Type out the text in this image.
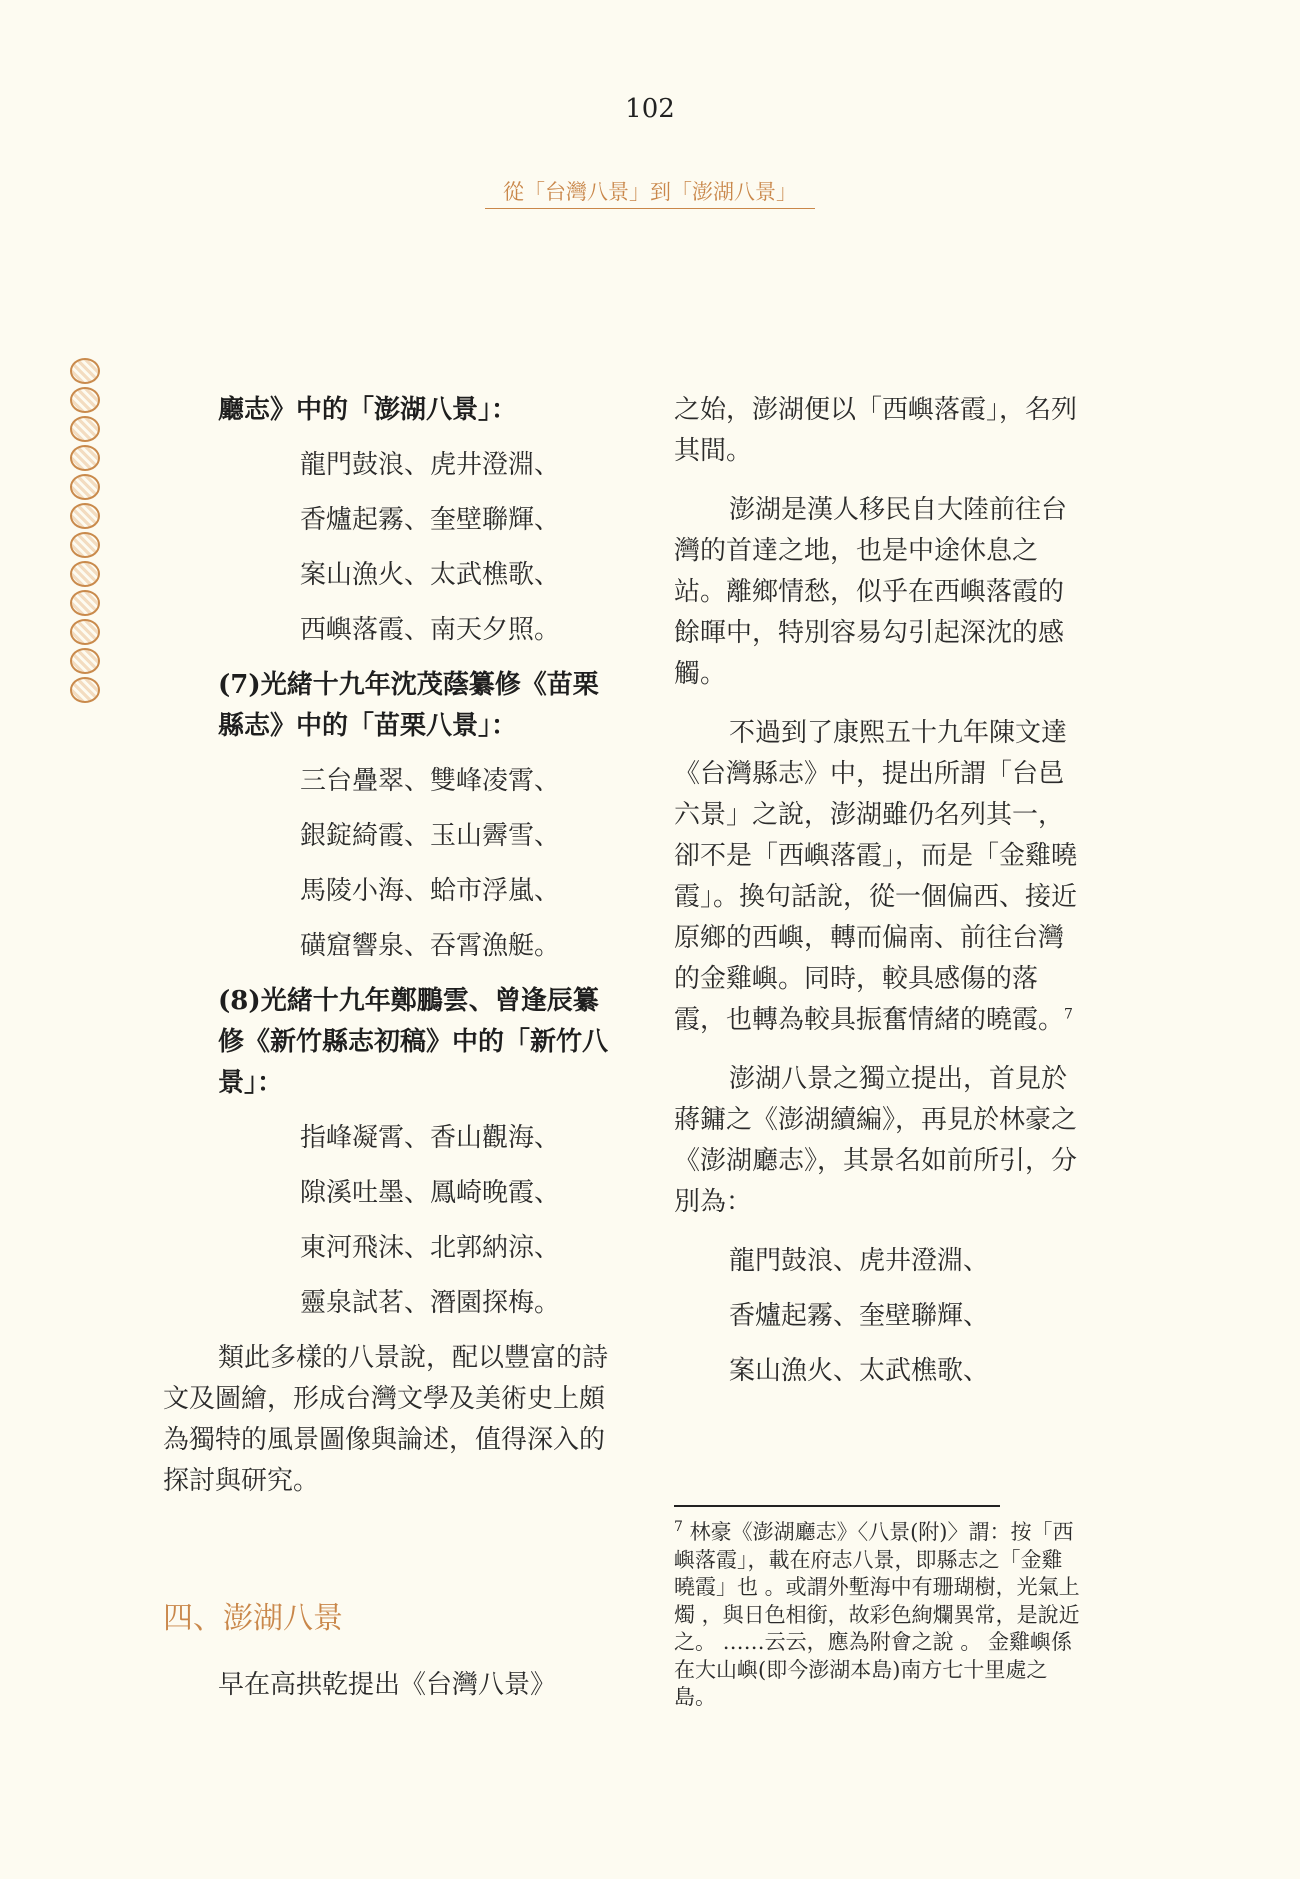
102
從「台灣八景」到「澎湖八景」

廳志》中的「澎湖八景」：

龍門鼓浪、虎井澄淵、

香爐起霧、奎壁聯輝、

案山漁火、太武樵歌、

西嶼落霞、南天夕照。

(7)光緒十九年沈茂蔭纂修《苗栗縣志》中的「苗栗八景」：

三台疊翠、雙峰凌霄、

銀錠綺霞、玉山霽雪、

馬陵小海、蛤市浮嵐、

磺窟響泉、吞霄漁艇。

(8)光緒十九年鄭鵬雲、曾逢辰纂修《新竹縣志初稿》中的「新竹八景」：

指峰凝霄、香山觀海、

隙溪吐墨、鳳崎晚霞、

東河飛沫、北郭納涼、

靈泉試茗、潛園探梅。

類此多樣的八景說，配以豐富的詩文及圖繪，形成台灣文學及美術史上頗為獨特的風景圖像與論述，值得深入的探討與研究。

四、澎湖八景

早在高拱乾提出《台灣八景》

之始，澎湖便以「西嶼落霞」，名列其間。

澎湖是漢人移民自大陸前往台灣的首達之地，也是中途休息之站。離鄉情愁，似乎在西嶼落霞的餘暉中，特別容易勾引起深沈的感觸。

不過到了康熙五十九年陳文達《台灣縣志》中，提出所謂「台邑六景」之說，澎湖雖仍名列其一，卻不是「西嶼落霞」，而是「金雞曉霞」。換句話說，從一個偏西、接近原鄉的西嶼，轉而偏南、前往台灣的金雞嶼。同時，較具感傷的落霞，也轉為較具振奮情緒的曉霞。$^7$

澎湖八景之獨立提出，首見於蔣鏞之《澎湖續編》，再見於林豪之《澎湖廳志》，其景名如前所引，分別為：

龍門鼓浪、虎井澄淵、

香爐起霧、奎壁聯輝、

案山漁火、太武樵歌、

$^7$ 林豪《澎湖廳志》〈八景(附)〉謂：按「西嶼落霞」，載在府志八景，即縣志之「金雞曉霞」也 。或謂外塹海中有珊瑚樹，光氣上燭 ，與日色相銜，故彩色絢爛異常，是說近之。 ……云云，應為附會之說 。 金雞嶼係在大山嶼(即今澎湖本島)南方七十里處之島。
